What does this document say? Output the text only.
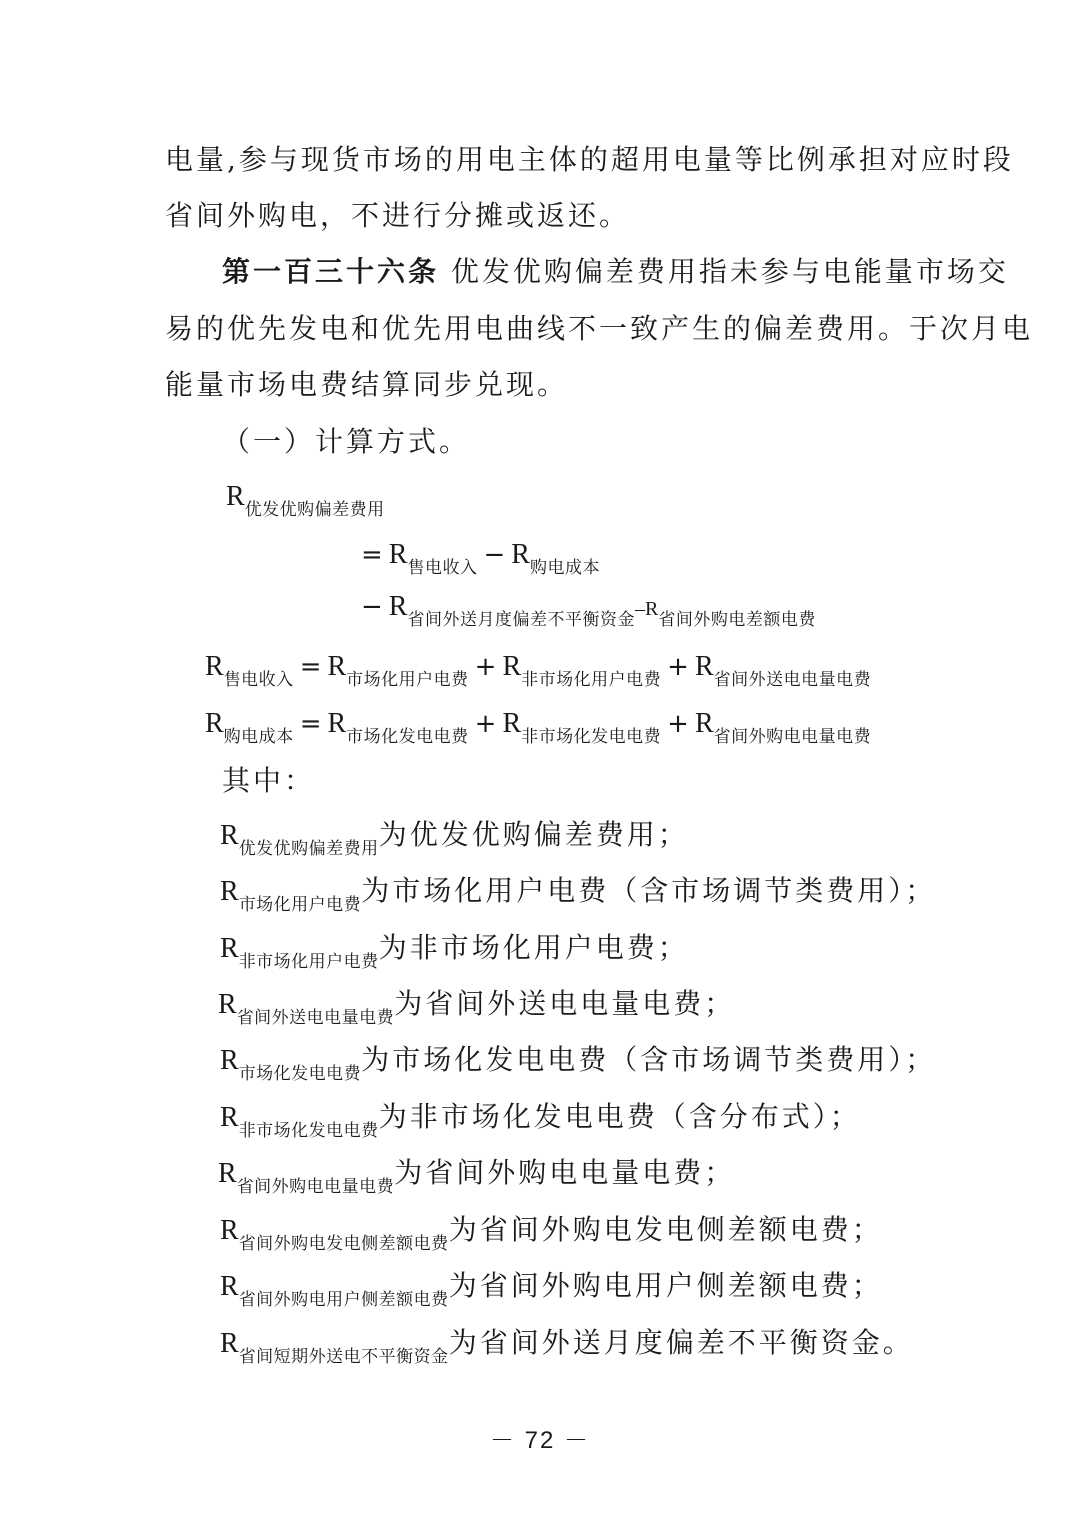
电量,参与现货市场的用电主体的超用电量等比例承担对应时段
省间外购电，不进行分摊或返还。
第一百三十六条 优发优购偏差费用指未参与电能量市场交
易的优先发电和优先用电曲线不一致产生的偏差费用。于次月电
能量市场电费结算同步兑现。
（一）计算方式。
$R_{优发优购偏差费用}$
= $R_{售电收入} - R_{购电成本}$
− $R_{省间外送月度偏差不平衡资金}-R_{省间外购电差额电费}$
$R_{售电收入} = R_{市场化用户电费} + R_{非市场化用户电费} + R_{省间外送电电量电费}$
$R_{购电成本} = R_{市场化发电电费} + R_{非市场化发电电费} + R_{省间外购电电量电费}$
其中：
$R_{优发优购偏差费用}$为优发优购偏差费用；
$R_{市场化用户电费}$为市场化用户电费（含市场调节类费用）；
$R_{非市场化用户电费}$为非市场化用户电费；
$R_{省间外送电电量电费}$为省间外送电电量电费；
$R_{市场化发电电费}$为市场化发电电费（含市场调节类费用）；
$R_{非市场化发电电费}$为非市场化发电电费（含分布式）；
$R_{省间外购电电量电费}$为省间外购电电量电费；
$R_{省间外购电发电侧差额电费}$为省间外购电发电侧差额电费；
$R_{省间外购电用户侧差额电费}$为省间外购电用户侧差额电费；
$R_{省间短期外送电不平衡资金}$为省间外送月度偏差不平衡资金。
－ 72 －
